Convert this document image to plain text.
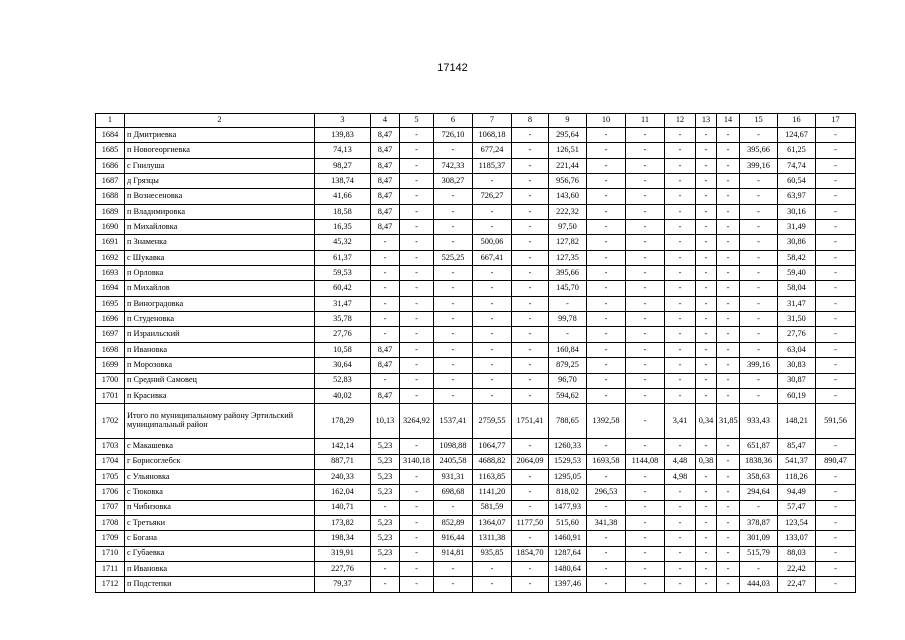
17142
1	2	3	4	5	6	7	8	9	10	11	12	13	14	15	16	17
1684	п Дмитриевка	139,83	8,47	-	726,10	1068,18	-	295,64	-	-	-	-	-	-	124,67	-
1685	п Новогеоргиевка	74,13	8,47	-	-	677,24	-	126,51	-	-	-	-	-	395,66	61,25	-
1686	с Гнилуша	98,27	8,47	-	742,33	1185,37	-	221,44	-	-	-	-	-	399,16	74,74	-
1687	д Грязцы	138,74	8,47	-	308,27	-	-	956,76	-	-	-	-	-	-	60,54	-
1688	п Вознесеновка	41,66	8,47	-	-	726,27	-	143,60	-	-	-	-	-	-	63,97	-
1689	п Владимировка	18,58	8,47	-	-	-	-	222,32	-	-	-	-	-	-	30,16	-
1690	п Михайловка	16,35	8,47	-	-	-	-	97,50	-	-	-	-	-	-	31,49	-
1691	п Знаменка	45,32	-	-	-	500,06	-	127,82	-	-	-	-	-	-	30,86	-
1692	с Шукавка	61,37	-	-	525,25	667,41	-	127,35	-	-	-	-	-	-	58,42	-
1693	п Орловка	59,53	-	-	-	-	-	395,66	-	-	-	-	-	-	59,40	-
1694	п Михайлов	60,42	-	-	-	-	-	145,70	-	-	-	-	-	-	58,04	-
1695	п Виноградовка	31,47	-	-	-	-	-	-	-	-	-	-	-	-	31,47	-
1696	п Студеновка	35,78	-	-	-	-	-	99,78	-	-	-	-	-	-	31,50	-
1697	п Израильский	27,76	-	-	-	-	-	-	-	-	-	-	-	-	27,76	-
1698	п Ивановка	10,58	8,47	-	-	-	-	160,84	-	-	-	-	-	-	63,04	-
1699	п Морозовка	30,64	8,47	-	-	-	-	879,25	-	-	-	-	-	399,16	30,83	-
1700	п Средний Самовец	52,83	-	-	-	-	-	96,70	-	-	-	-	-	-	30,87	-
1701	п Красивка	40,02	8,47	-	-	-	-	594,62	-	-	-	-	-	-	60,19	-
1702	Итого по муниципальному району Эртильский муниципальный район	178,29	10,13	3264,92	1537,41	2759,55	1751,41	788,65	1392,58	-	3,41	0,34	31,85	933,43	148,21	591,56
1703	с Макашевка	142,14	5,23	-	1098,88	1064,77	-	1260,33	-	-	-	-	-	651,87	85,47	-
1704	г Борисоглебск	887,71	5,23	3140,18	2405,58	4688,82	2064,09	1529,53	1693,58	1144,08	4,48	0,38	-	1838,36	541,37	890,47
1705	с Ульяновка	240,33	5,23	-	931,31	1163,85	-	1295,05	-	-	4,98	-	-	358,63	118,26	-
1706	с Тюковка	162,04	5,23	-	698,68	1141,20	-	818,02	296,53	-	-	-	-	294,64	94,49	-
1707	п Чибизовка	140,71	-	-	-	581,59	-	1477,93	-	-	-	-	-	-	57,47	-
1708	с Третьяки	173,82	5,23	-	852,89	1364,07	1177,50	515,60	341,38	-	-	-	-	378,87	123,54	-
1709	с Богана	198,34	5,23	-	916,44	1311,38	-	1460,91	-	-	-	-	-	301,09	133,07	-
1710	с Губаевка	319,91	5,23	-	914,81	935,85	1854,70	1287,64	-	-	-	-	-	515,79	88,03	-
1711	п Ивановка	227,76	-	-	-	-	-	1480,64	-	-	-	-	-	-	22,42	-
1712	п Подстепки	79,37	-	-	-	-	-	1397,46	-	-	-	-	-	444,03	22,47	-
